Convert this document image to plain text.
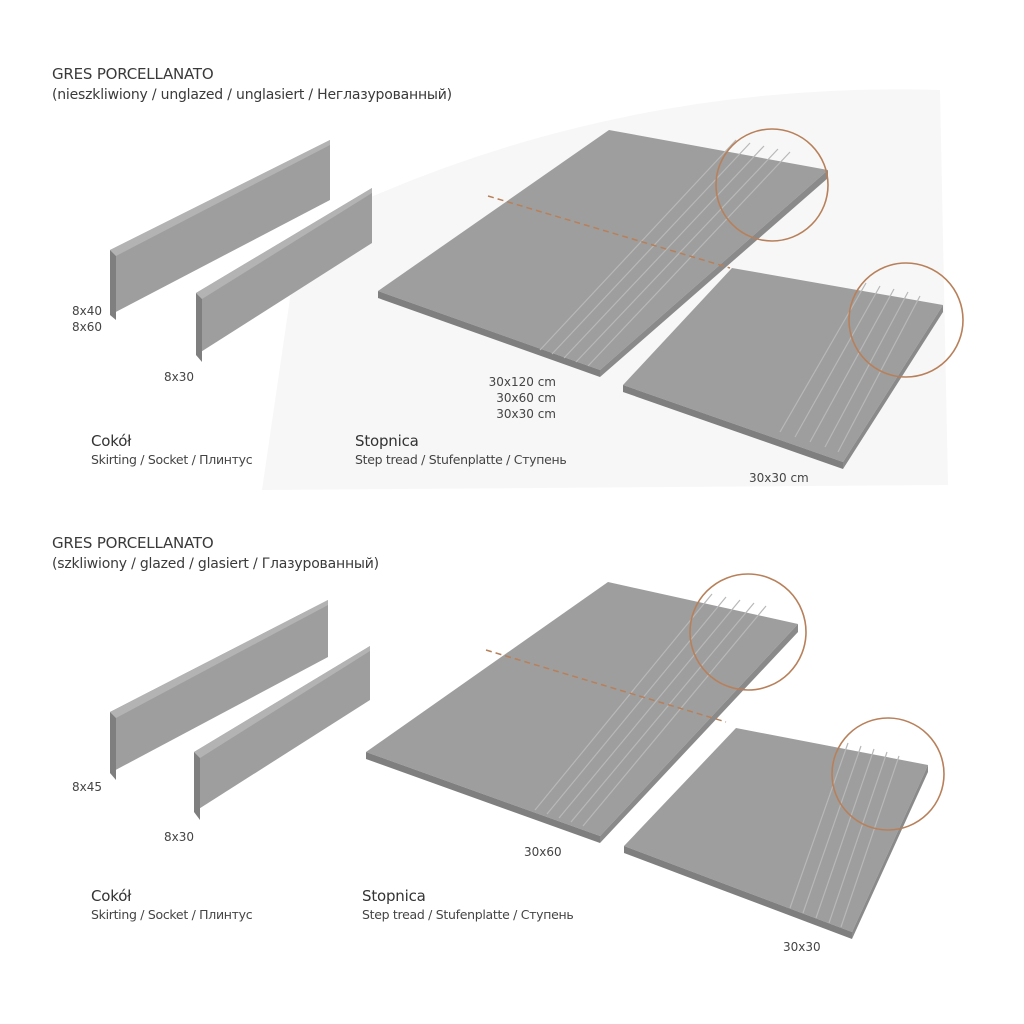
GRES PORCELLANATO
(nieszkliwiony / unglazed / unglasiert / Неглазурованный)
8x40
8x60
8x30
Cokół
Skirting / Socket / Плинтус
30x120 cm
30x60 cm
30x30 cm
Stopnica
Step tread / Stufenplatte / Ступень
30x30 cm
GRES PORCELLANATO
(szkliwiony / glazed / glasiert / Глазурованный)
8x45
8x30
Cokół
Skirting / Socket / Плинтус
30x60
Stopnica
Step tread / Stufenplatte / Ступень
30x30
